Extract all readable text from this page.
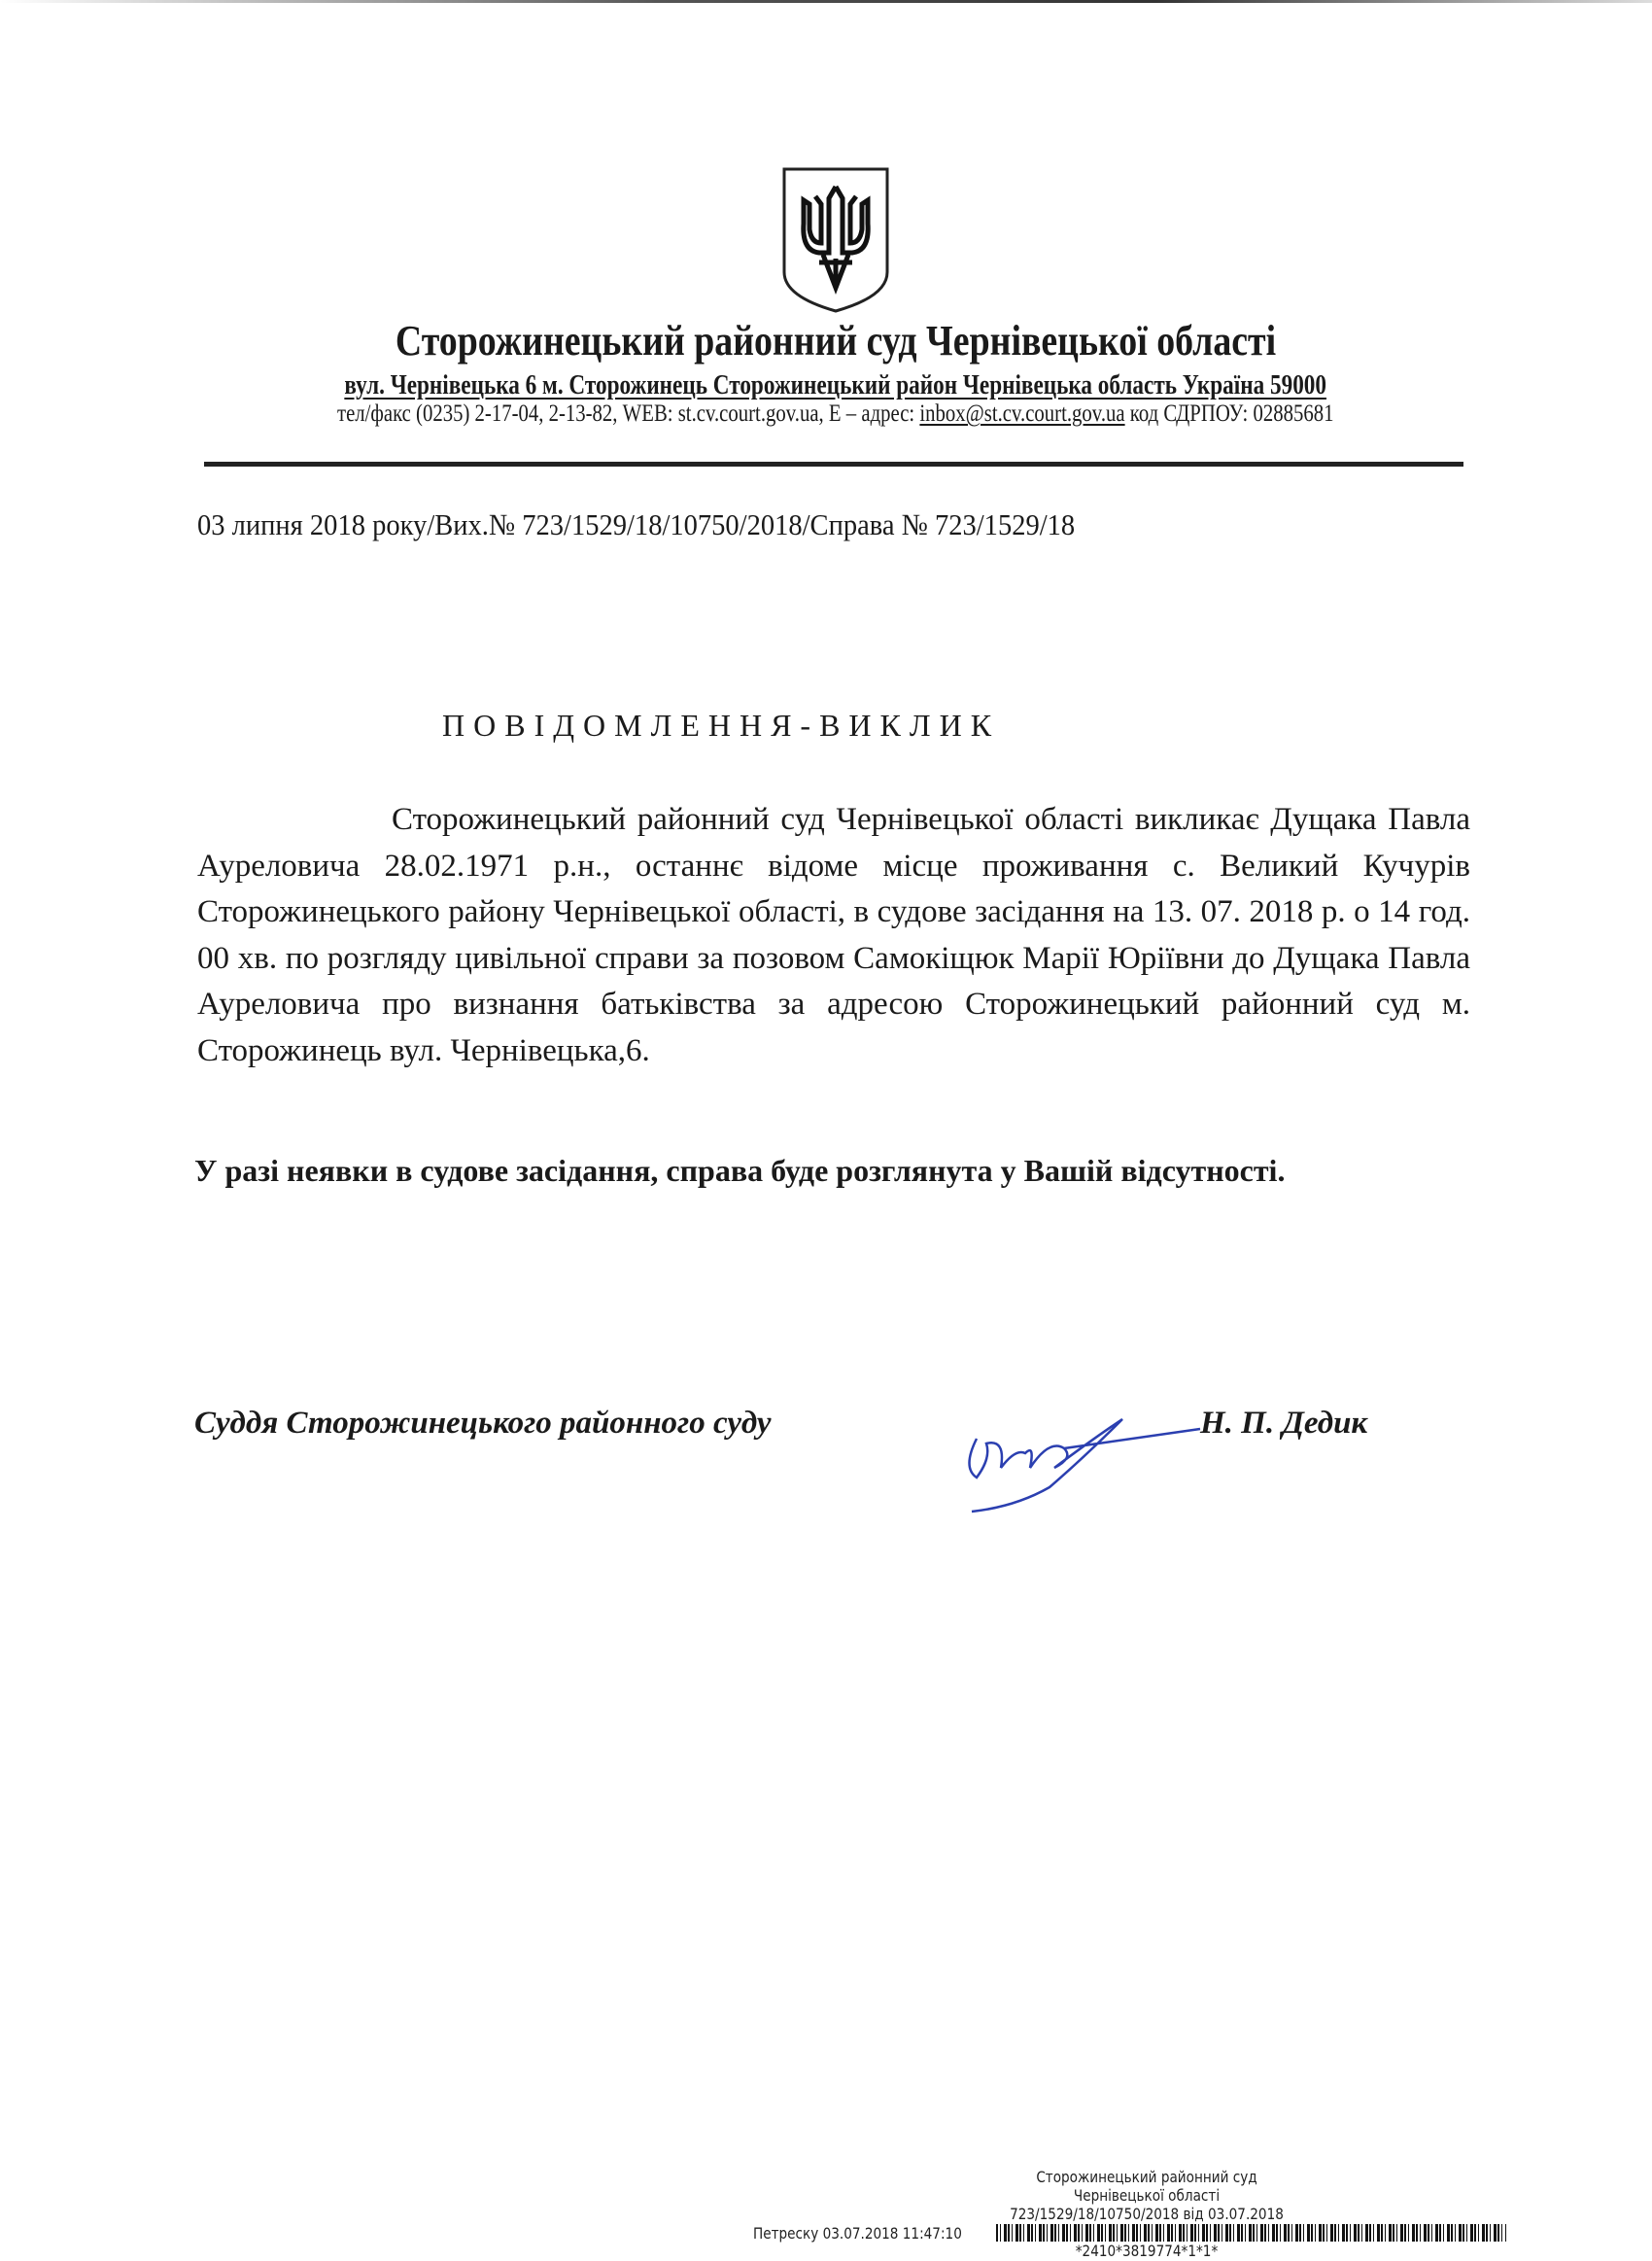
Сторожинецький районний суд Чернівецької області
вул. Чернівецька 6 м. Сторожинець Сторожинецький район Чернівецька область Україна 59000
тел/факс (0235) 2-17-04, 2-13-82, WEB: st.cv.court.gov.ua, E – адрес: inbox@st.cv.court.gov.ua код СДРПОУ: 02885681
03 липня 2018 року/Вих.№ 723/1529/18/10750/2018/Справа № 723/1529/18
ПОВІДОМЛЕННЯ-ВИКЛИК
Сторожинецький районний суд Чернівецької області викликає Дущака Павла Ауреловича 28.02.1971 р.н., останнє відоме місце проживання с. Великий Кучурів Сторожинецького району Чернівецької області, в судове засідання на 13. 07. 2018 р. о 14 год. 00 хв. по розгляду цивільної справи за позовом Самокіщюк Марії Юріївни до Дущака Павла Ауреловича про визнання батьківства за адресою Сторожинецький районний суд м. Сторожинець вул. Чернівецька,6.
У разі неявки в судове засідання, справа буде розглянута у Вашій відсутності.
Суддя Сторожинецького районного суду	Н. П. Дедик
Сторожинецький районний суд
Чернівецької області
723/1529/18/10750/2018 від 03.07.2018
Петреску 03.07.2018 11:47:10
*2410*3819774*1*1*
